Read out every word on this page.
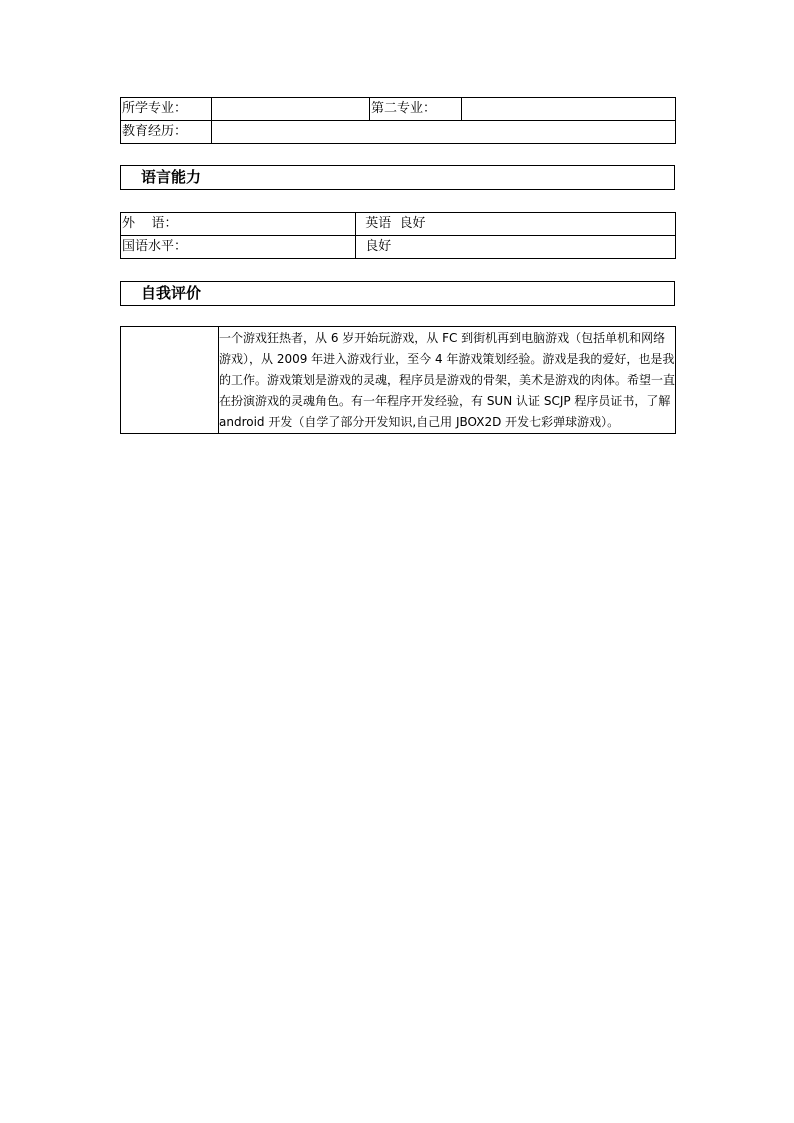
所学专业：		第二专业：	
教育经历：			
语言能力
外    语：	英语  良好
国语水平：	良好
自我评价

一个游戏狂热者，从 6 岁开始玩游戏，从 FC 到街机再到电脑游戏（包括单机和网络游戏），从 2009 年进入游戏行业，至今 4 年游戏策划经验。游戏是我的爱好，也是我的工作。游戏策划是游戏的灵魂，程序员是游戏的骨架，美术是游戏的肉体。希望一直在扮演游戏的灵魂角色。有一年程序开发经验，有 SUN 认证 SCJP 程序员证书，了解 android 开发（自学了部分开发知识,自己用 JBOX2D 开发七彩弹球游戏）。
